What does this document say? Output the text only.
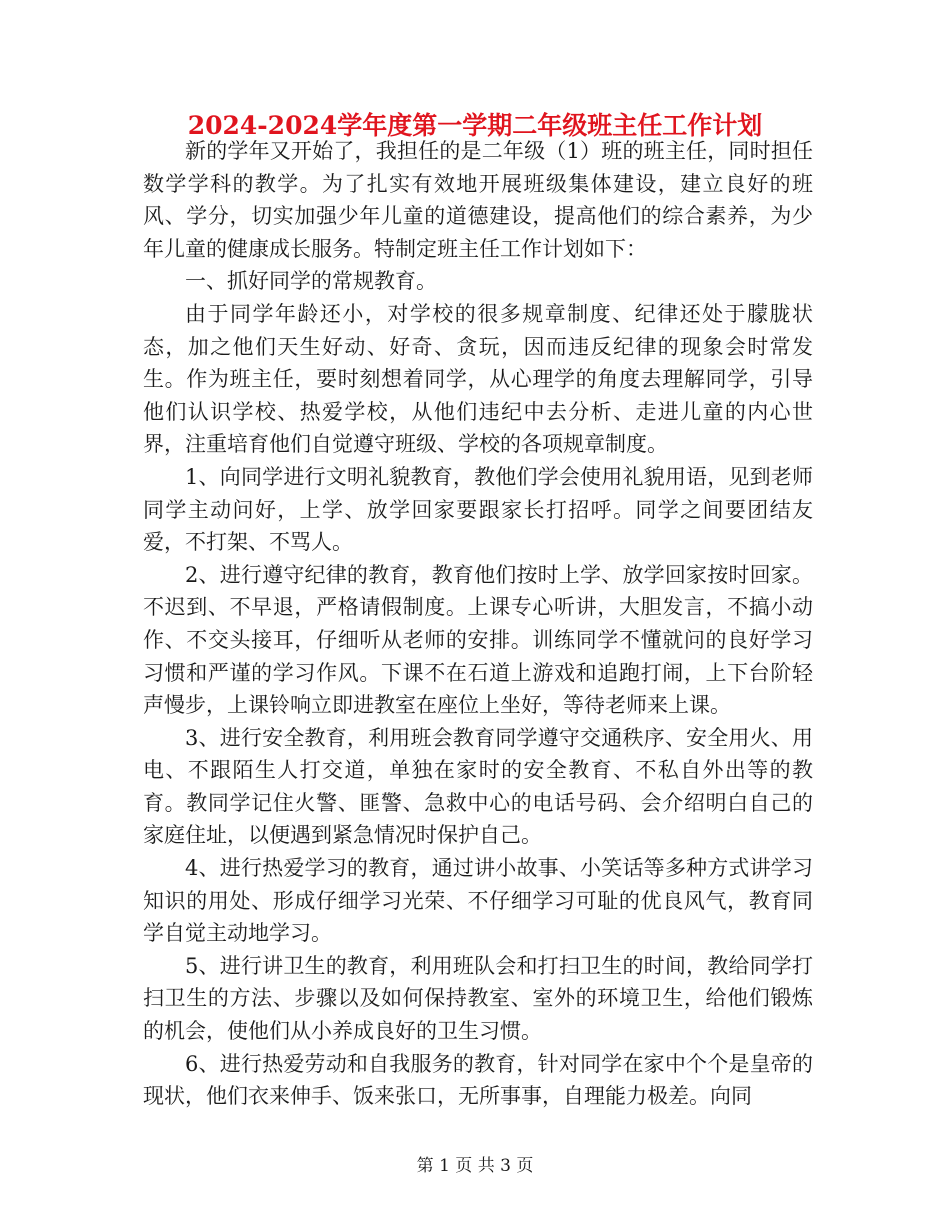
2024-2024学年度第一学期二年级班主任工作计划

新的学年又开始了，我担任的是二年级（1）班的班主任，同时担任数学学科的教学。为了扎实有效地开展班级集体建设，建立良好的班风、学分，切实加强少年儿童的道德建设，提高他们的综合素养，为少年儿童的健康成长服务。特制定班主任工作计划如下：

一、抓好同学的常规教育。

由于同学年龄还小，对学校的很多规章制度、纪律还处于朦胧状态，加之他们天生好动、好奇、贪玩，因而违反纪律的现象会时常发生。作为班主任，要时刻想着同学，从心理学的角度去理解同学，引导他们认识学校、热爱学校，从他们违纪中去分析、走进儿童的内心世界，注重培育他们自觉遵守班级、学校的各项规章制度。

1、向同学进行文明礼貌教育，教他们学会使用礼貌用语，见到老师同学主动问好，上学、放学回家要跟家长打招呼。同学之间要团结友爱，不打架、不骂人。

2、进行遵守纪律的教育，教育他们按时上学、放学回家按时回家。不迟到、不早退，严格请假制度。上课专心听讲，大胆发言，不搞小动作、不交头接耳，仔细听从老师的安排。训练同学不懂就问的良好学习习惯和严谨的学习作风。下课不在石道上游戏和追跑打闹，上下台阶轻声慢步，上课铃响立即进教室在座位上坐好，等待老师来上课。

3、进行安全教育，利用班会教育同学遵守交通秩序、安全用火、用电、不跟陌生人打交道，单独在家时的安全教育、不私自外出等的教育。教同学记住火警、匪警、急救中心的电话号码、会介绍明白自己的家庭住址，以便遇到紧急情况时保护自己。

4、进行热爱学习的教育，通过讲小故事、小笑话等多种方式讲学习知识的用处、形成仔细学习光荣、不仔细学习可耻的优良风气，教育同学自觉主动地学习。

5、进行讲卫生的教育，利用班队会和打扫卫生的时间，教给同学打扫卫生的方法、步骤以及如何保持教室、室外的环境卫生，给他们锻炼的机会，使他们从小养成良好的卫生习惯。

6、进行热爱劳动和自我服务的教育，针对同学在家中个个是皇帝的现状，他们衣来伸手、饭来张口，无所事事，自理能力极差。向同

第 1 页 共 3 页
